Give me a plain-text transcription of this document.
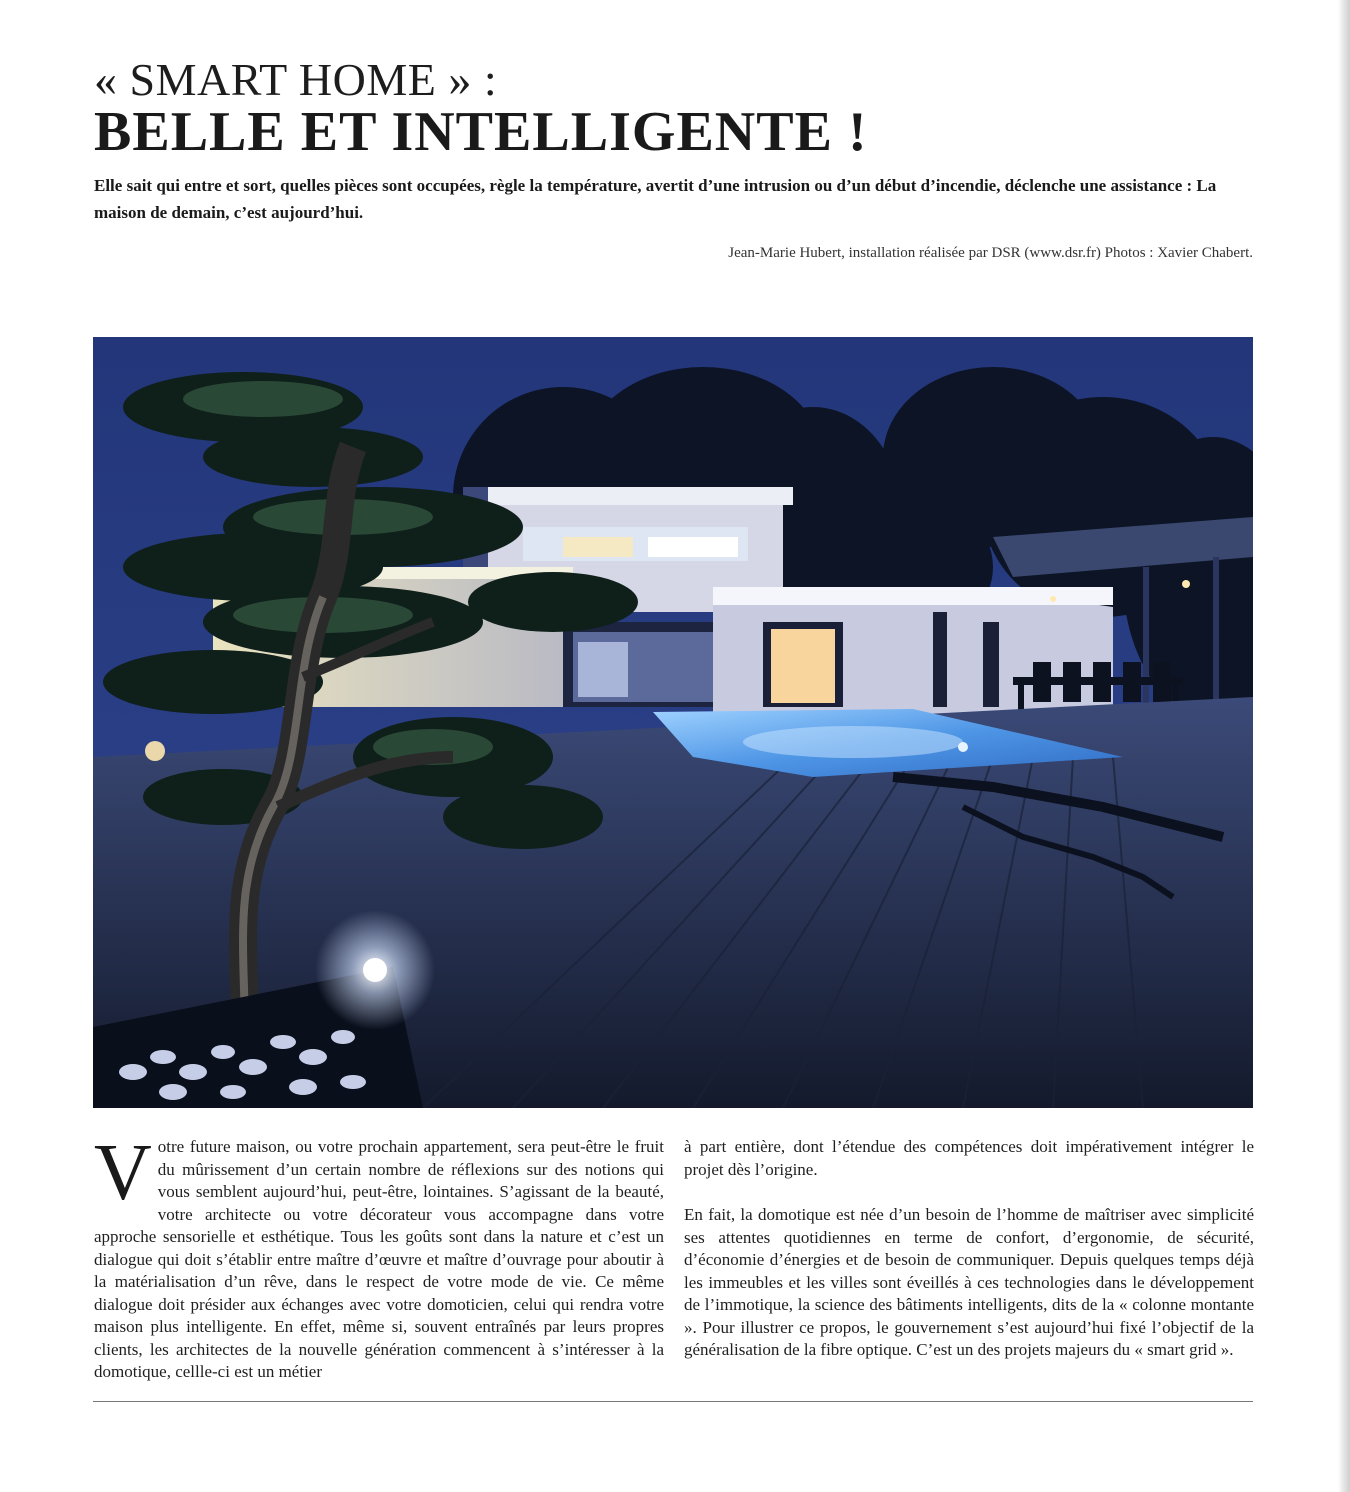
« SMART HOME » :
BELLE ET INTELLIGENTE !
Elle sait qui entre et sort, quelles pièces sont occupées, règle la température, avertit d’une intrusion ou d’un début d’incendie, déclenche une assistance : La maison de demain, c’est aujourd’hui.
Jean-Marie Hubert, installation réalisée par DSR (www.dsr.fr) Photos : Xavier Chabert.

Votre future maison, ou votre prochain appartement, sera peut-être le fruit du mûrissement d’un certain nombre de réflexions sur des notions qui vous semblent aujourd’hui, peut-être, lointaines. S’agissant de la beauté, votre architecte ou votre décorateur vous accompagne dans votre approche sensorielle et esthétique. Tous les goûts sont dans la nature et c’est un dialogue qui doit s’établir entre maître d’œuvre et maître d’ouvrage pour aboutir à la matérialisation d’un rêve, dans le respect de votre mode de vie. Ce même dialogue doit présider aux échanges avec votre domoticien, celui qui rendra votre maison plus intelligente. En effet, même si, souvent entraînés par leurs propres clients, les architectes de la nouvelle génération commencent à s’intéresser à la domotique, cellle-ci est un métier

à part entière, dont l’étendue des compétences doit impérativement intégrer le projet dès l’origine.

En fait, la domotique est née d’un besoin de l’homme de maîtriser avec simplicité ses attentes quotidiennes en terme de confort, d’ergonomie, de sécurité, d’économie d’énergies et de besoin de communiquer. Depuis quelques temps déjà les immeubles et les villes sont éveillés à ces technologies dans le développement de l’immotique, la science des bâtiments intelligents, dits de la « colonne montante ». Pour illustrer ce propos, le gouvernement s’est aujourd’hui fixé l’objectif de la généralisation de la fibre optique. C’est un des projets majeurs du « smart grid ».
